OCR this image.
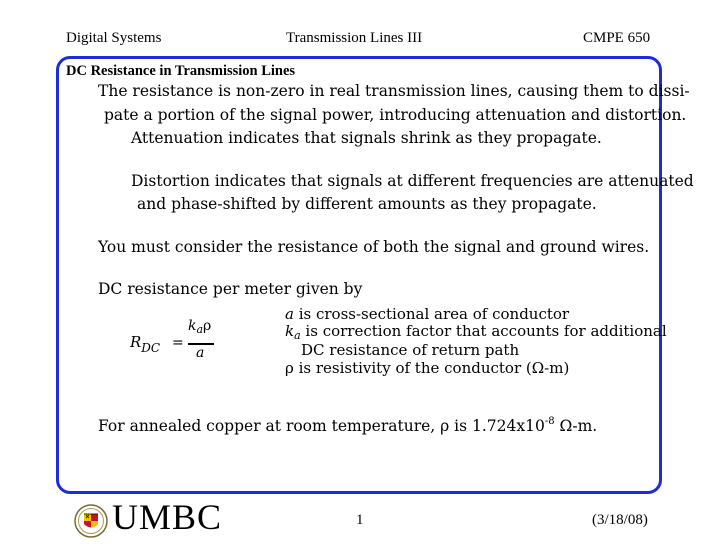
Digital Systems	Transmission Lines III	CMPE 650
DC Resistance in Transmission Lines
The resistance is non-zero in real transmission lines, causing them to dissi-
pate a portion of the signal power, introducing attenuation and distortion.
Attenuation indicates that signals shrink as they propagate.
Distortion indicates that signals at different frequencies are attenuated
and phase-shifted by different amounts as they propagate.
You must consider the resistance of both the signal and ground wires.
DC resistance per meter given by
$R_{DC}$ =
$k_a\rho$
a
a is cross-sectional area of conductor
$k_a$ is correction factor that accounts for additional
DC resistance of return path
ρ is resistivity of the conductor (Ω-m)
For annealed copper at room temperature, ρ is $1.724x10^{-8}$ Ω-m.
UMBC	1	(3/18/08)
